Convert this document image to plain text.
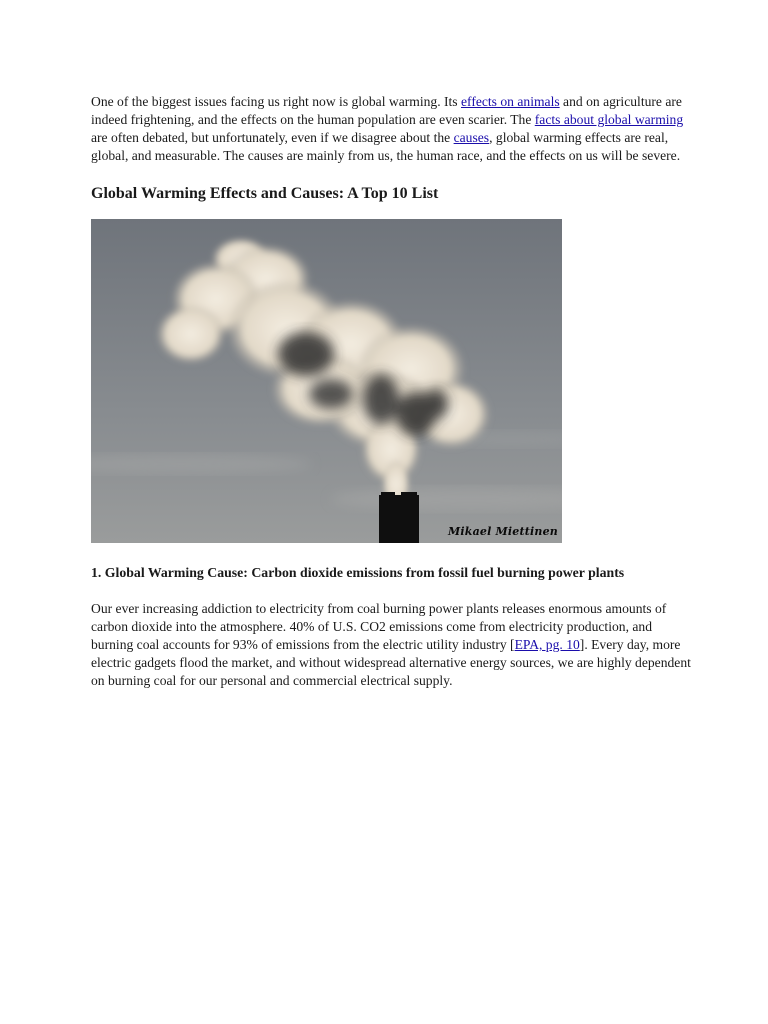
One of the biggest issues facing us right now is global warming. Its effects on animals and on agriculture are indeed frightening, and the effects on the human population are even scarier. The facts about global warming are often debated, but unfortunately, even if we disagree about the causes, global warming effects are real, global, and measurable. The causes are mainly from us, the human race, and the effects on us will be severe.

Global Warming Effects and Causes: A Top 10 List
Mikael Miettinen
1. Global Warming Cause: Carbon dioxide emissions from fossil fuel burning power plants

Our ever increasing addiction to electricity from coal burning power plants releases enormous amounts of carbon dioxide into the atmosphere. 40% of U.S. CO2 emissions come from electricity production, and burning coal accounts for 93% of emissions from the electric utility industry [EPA, pg. 10]. Every day, more electric gadgets flood the market, and without widespread alternative energy sources, we are highly dependent on burning coal for our personal and commercial electrical supply.
